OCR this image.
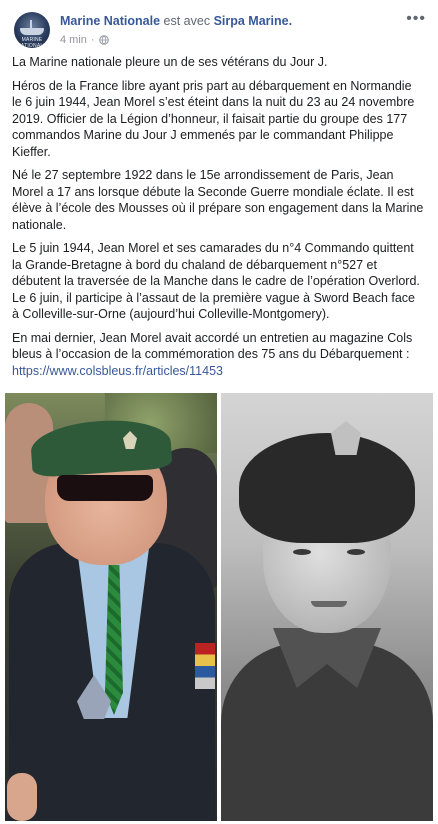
MARINE NATIONALE
Marine Nationale est avec Sirpa Marine.
4 min ·
•••

La Marine nationale pleure un de ses vétérans du Jour J.

Héros de la France libre ayant pris part au débarquement en Normandie le 6 juin 1944, Jean Morel s’est éteint dans la nuit du 23 au 24 novembre 2019. Officier de la Légion d’honneur, il faisait partie du groupe des 177 commandos Marine du Jour J emmenés par le commandant Philippe Kieffer.

Né le 27 septembre 1922 dans le 15e arrondissement de Paris, Jean Morel a 17 ans lorsque débute la Seconde Guerre mondiale éclate. Il est élève à l’école des Mousses où il prépare son engagement dans la Marine nationale.

Le 5 juin 1944, Jean Morel et ses camarades du n°4 Commando quittent la Grande-Bretagne à bord du chaland de débarquement n°527 et débutent la traversée de la Manche dans le cadre de l’opération Overlord. Le 6 juin, il participe à l’assaut de la première vague à Sword Beach face à Colleville-sur-Orne (aujourd’hui Colleville-Montgomery).

En mai dernier, Jean Morel avait accordé un entretien au magazine Cols bleus à l’occasion de la commémoration des 75 ans du Débarquement : https://www.colsbleus.fr/articles/11453
